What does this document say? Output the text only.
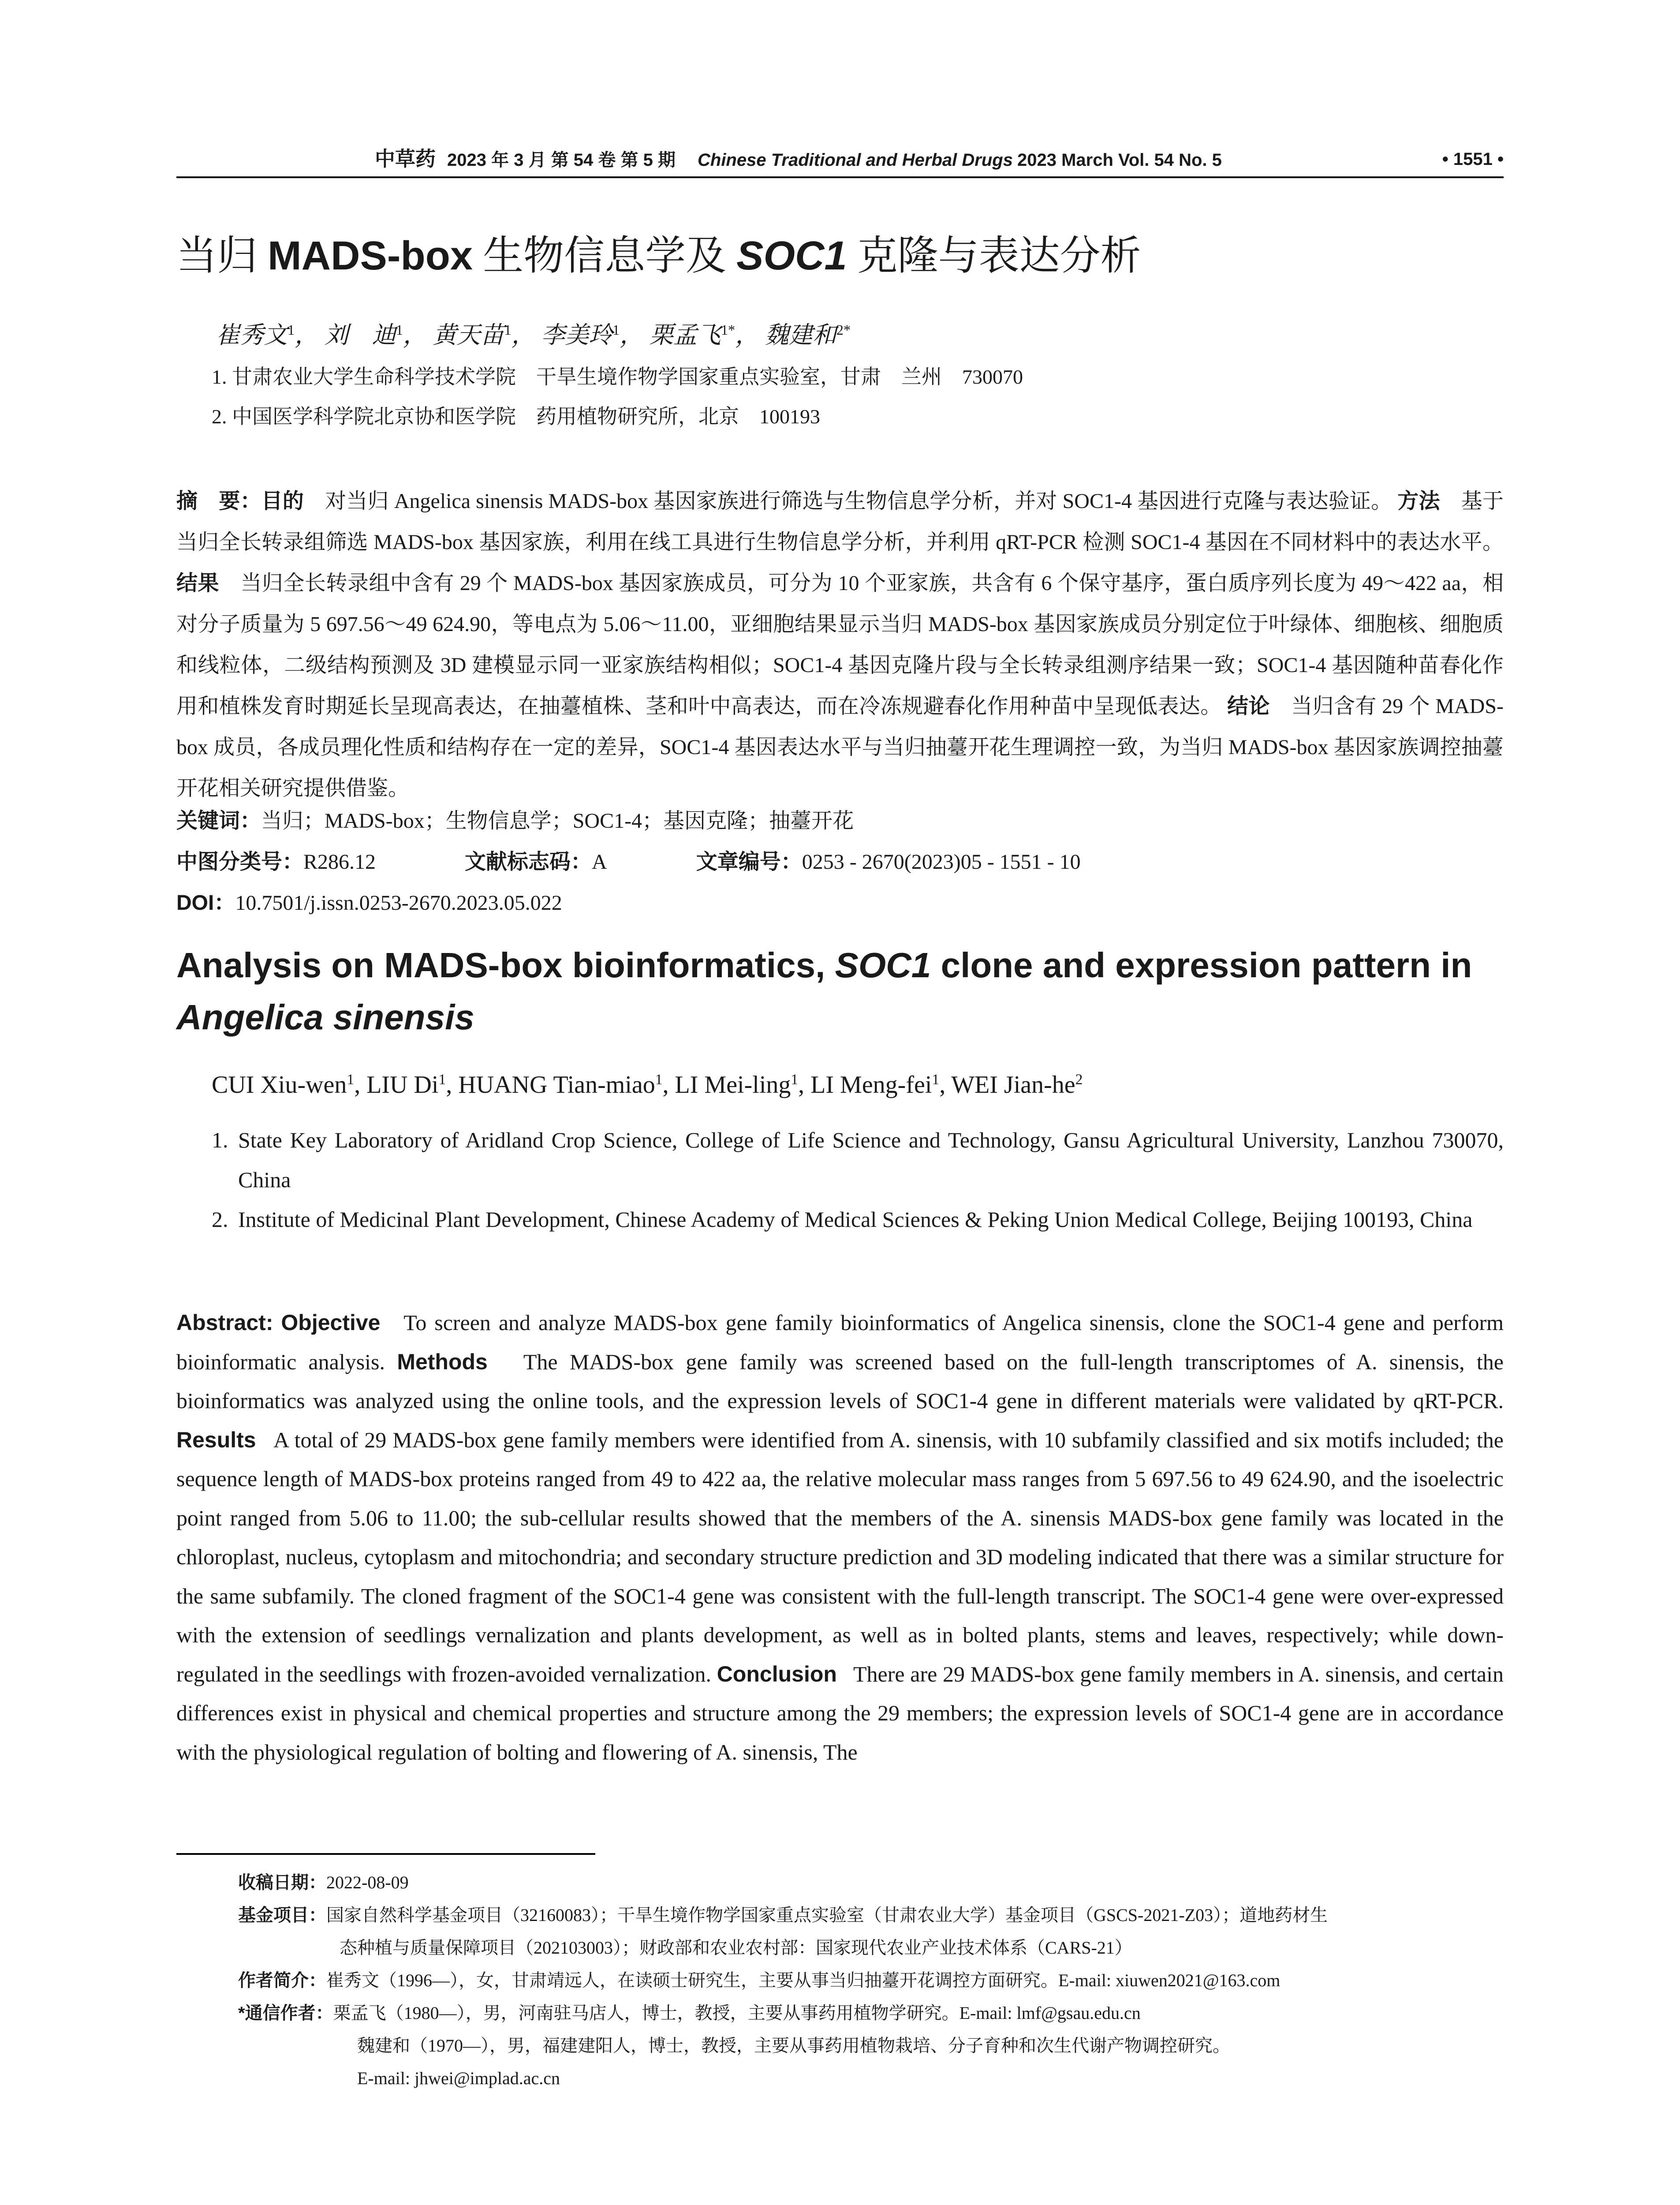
中草药 2023 年 3 月 第 54 卷 第 5 期 Chinese Traditional and Herbal Drugs 2023 March Vol. 54 No. 5	• 1551 •
当归 MADS-box 生物信息学及 SOC1 克隆与表达分析
崔秀文$^1$， 刘　迪$^1$， 黄天苗$^1$， 李美玲$^1$， 栗孟飞$^{1*}$， 魏建和$^{2*}$
1. 甘肃农业大学生命科学技术学院　干旱生境作物学国家重点实验室，甘肃　兰州　730070
2. 中国医学科学院北京协和医学院　药用植物研究所，北京　100193

摘　要：目的　对当归 Angelica sinensis MADS-box 基因家族进行筛选与生物信息学分析，并对 SOC1-4 基因进行克隆与表达验证。 方法　基于当归全长转录组筛选 MADS-box 基因家族，利用在线工具进行生物信息学分析，并利用 qRT-PCR 检测 SOC1-4 基因在不同材料中的表达水平。 结果　当归全长转录组中含有 29 个 MADS-box 基因家族成员，可分为 10 个亚家族，共含有 6 个保守基序，蛋白质序列长度为 49～422 aa，相对分子质量为 5 697.56～49 624.90，等电点为 5.06～11.00，亚细胞结果显示当归 MADS-box 基因家族成员分别定位于叶绿体、细胞核、细胞质和线粒体，二级结构预测及 3D 建模显示同一亚家族结构相似；SOC1-4 基因克隆片段与全长转录组测序结果一致；SOC1-4 基因随种苗春化作用和植株发育时期延长呈现高表达，在抽薹植株、茎和叶中高表达，而在冷冻规避春化作用种苗中呈现低表达。 结论　当归含有 29 个 MADS-box 成员，各成员理化性质和结构存在一定的差异，SOC1-4 基因表达水平与当归抽薹开花生理调控一致，为当归 MADS-box 基因家族调控抽薹开花相关研究提供借鉴。

关键词：当归；MADS-box；生物信息学；SOC1-4；基因克隆；抽薹开花
中图分类号：R286.12	文献标志码：A	文章编号：0253 - 2670(2023)05 - 1551 - 10
DOI：10.7501/j.issn.0253-2670.2023.05.022
Analysis on MADS-box bioinformatics, SOC1 clone and expression pattern in
Angelica sinensis
CUI Xiu-wen$^1$, LIU Di$^1$, HUANG Tian-miao$^1$, LI Mei-ling$^1$, LI Meng-fei$^1$, WEI Jian-$he^2$
1. State Key Laboratory of Aridland Crop Science, College of Life Science and Technology, Gansu Agricultural University, Lanzhou 730070, China
2. Institute of Medicinal Plant Development, Chinese Academy of Medical Sciences & Peking Union Medical College, Beijing 100193, China

Abstract: Objective To screen and analyze MADS-box gene family bioinformatics of Angelica sinensis, clone the SOC1-4 gene and perform bioinformatic analysis. Methods The MADS-box gene family was screened based on the full-length transcriptomes of A. sinensis, the bioinformatics was analyzed using the online tools, and the expression levels of SOC1-4 gene in different materials were validated by qRT-PCR. Results A total of 29 MADS-box gene family members were identified from A. sinensis, with 10 subfamily classified and six motifs included; the sequence length of MADS-box proteins ranged from 49 to 422 aa, the relative molecular mass ranges from 5 697.56 to 49 624.90, and the isoelectric point ranged from 5.06 to 11.00; the sub-cellular results showed that the members of the A. sinensis MADS-box gene family was located in the chloroplast, nucleus, cytoplasm and mitochondria; and secondary structure prediction and 3D modeling indicated that there was a similar structure for the same subfamily. The cloned fragment of the SOC1-4 gene was consistent with the full-length transcript. The SOC1-4 gene were over-expressed with the extension of seedlings vernalization and plants development, as well as in bolted plants, stems and leaves, respectively; while down-regulated in the seedlings with frozen-avoided vernalization. Conclusion There are 29 MADS-box gene family members in A. sinensis, and certain differences exist in physical and chemical properties and structure among the 29 members; the expression levels of SOC1-4 gene are in accordance with the physiological regulation of bolting and flowering of A. sinensis, The

收稿日期：2022-08-09
基金项目：国家自然科学基金项目（32160083）；干旱生境作物学国家重点实验室（甘肃农业大学）基金项目（GSCS-2021-Z03）；道地药材生
态种植与质量保障项目（202103003）；财政部和农业农村部：国家现代农业产业技术体系（CARS-21）
作者简介：崔秀文（1996—），女，甘肃靖远人，在读硕士研究生，主要从事当归抽薹开花调控方面研究。E-mail: xiuwen2021@163.com
*通信作者：栗孟飞（1980—），男，河南驻马店人，博士，教授，主要从事药用植物学研究。E-mail: lmf@gsau.edu.cn
魏建和（1970—），男，福建建阳人，博士，教授，主要从事药用植物栽培、分子育种和次生代谢产物调控研究。
E-mail: jhwei@implad.ac.cn
